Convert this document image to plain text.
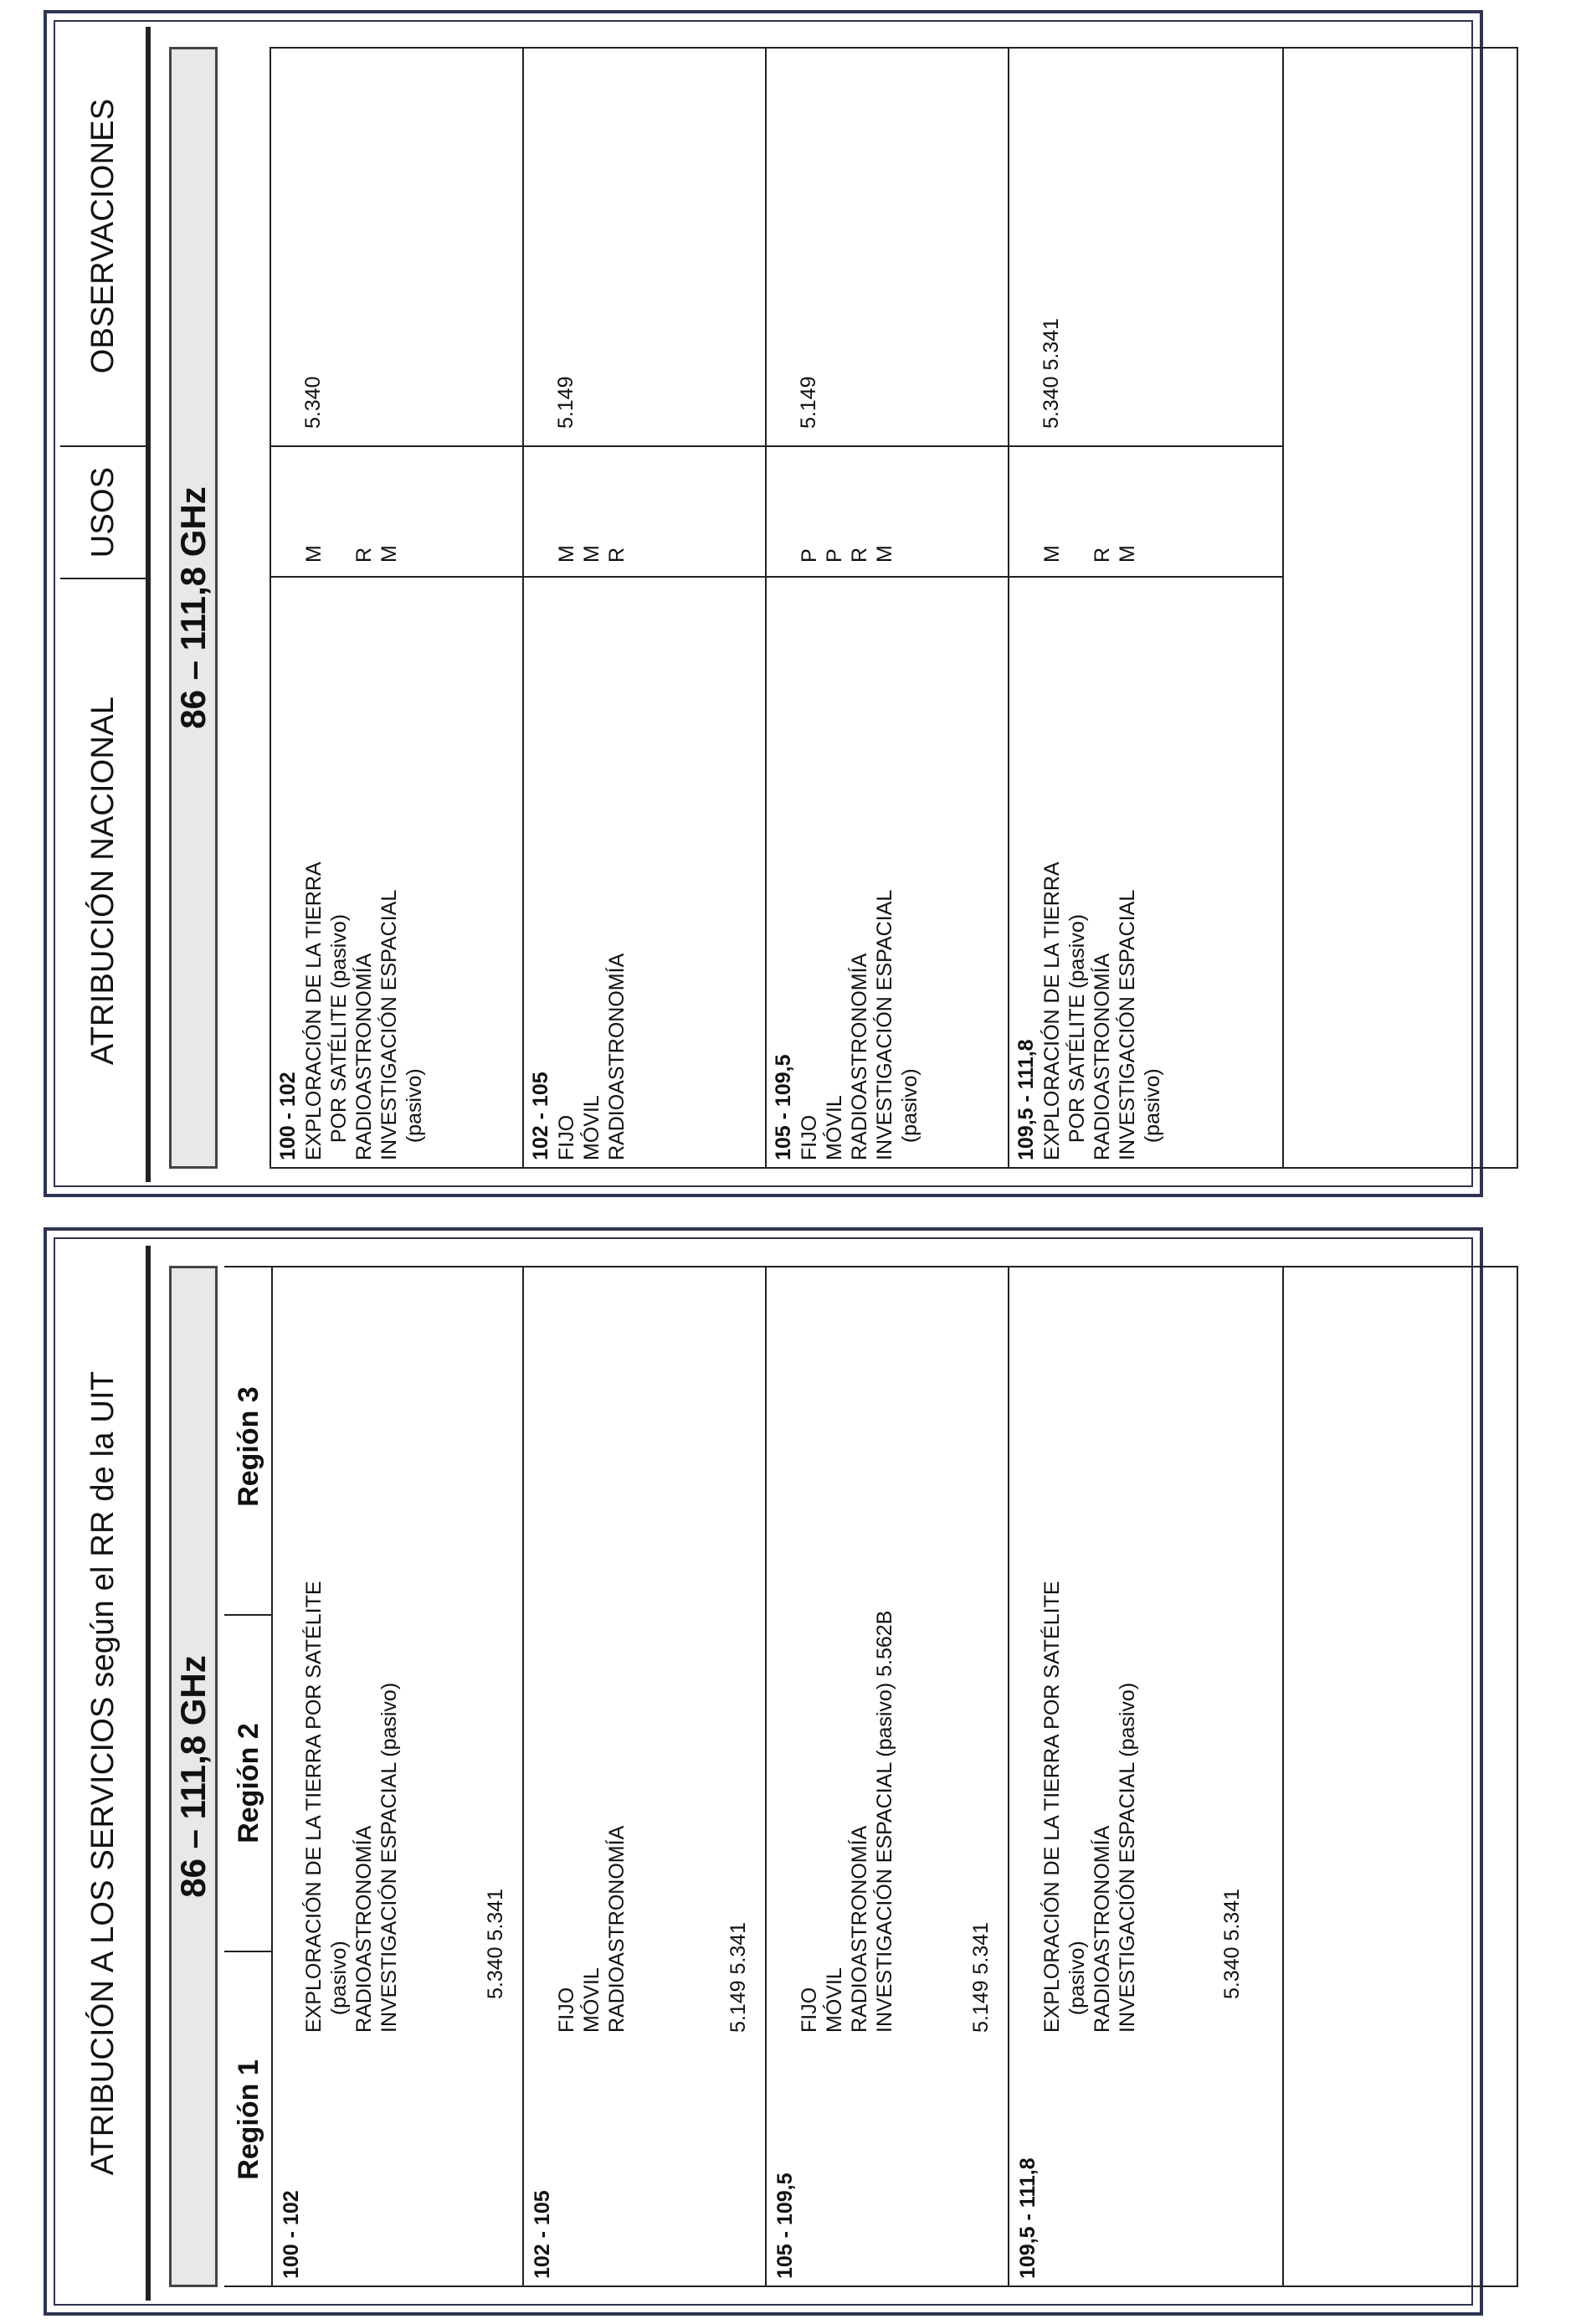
ATRIBUCIÓN NACIONAL
USOS
OBSERVACIONES
86 – 111,8 GHz
100 - 102 EXPLORACIÓN DE LA TIERRA
POR SATÉLITE (pasivo)
RADIOASTRONOMÍA
INVESTIGACIÓN ESPACIAL
(pasivo)
M

R
M
5.340
102 - 105 FIJO
MÓVIL
RADIOASTRONOMÍA
M
M
R
5.149
105 - 109,5 FIJO
MÓVIL
RADIOASTRONOMÍA
INVESTIGACIÓN ESPACIAL
(pasivo)
P
P
R
M
5.149
109,5 - 111,8 EXPLORACIÓN DE LA TIERRA
POR SATÉLITE (pasivo)
RADIOASTRONOMÍA
INVESTIGACIÓN ESPACIAL
(pasivo)
M

R
M
5.340 5.341
ATRIBUCIÓN A LOS SERVICIOS según el RR de la UIT	86 – 111,8 GHz
Región 1
Región 2
Región 3
100 - 102
EXPLORACIÓN DE LA TIERRA POR SATÉLITE
(pasivo)
RADIOASTRONOMÍA
INVESTIGACIÓN ESPACIAL (pasivo)
5.340 5.341
102 - 105
FIJO
MÓVIL
RADIOASTRONOMÍA	5.149 5.341
105 - 109,5
FIJO
MÓVIL
RADIOASTRONOMÍA
INVESTIGACIÓN ESPACIAL (pasivo) 5.562B
5.149 5.341
109,5 - 111,8
EXPLORACIÓN DE LA TIERRA POR SATÉLITE
(pasivo)
RADIOASTRONOMÍA
INVESTIGACIÓN ESPACIAL (pasivo)
5.340 5.341
